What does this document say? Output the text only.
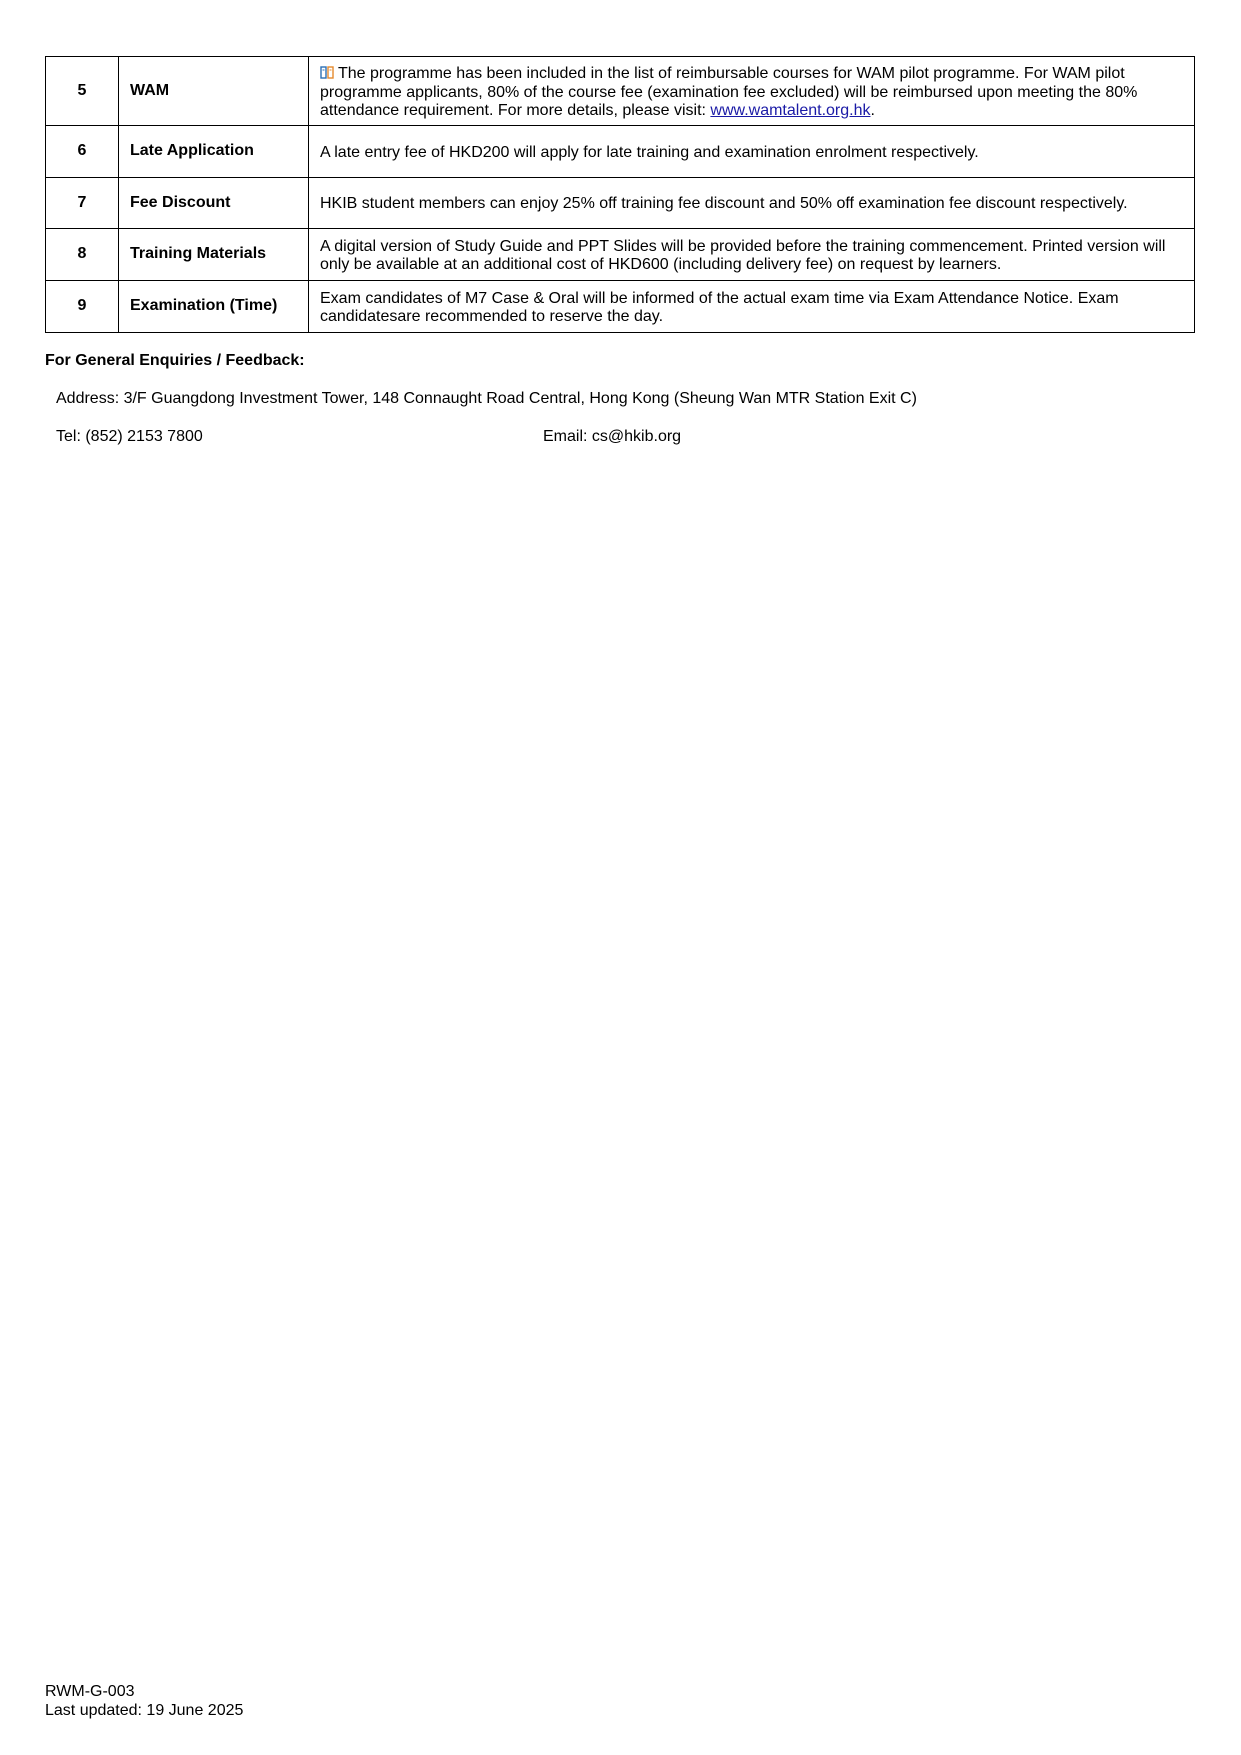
5	WAM	The programme has been included in the list of reimbursable courses for WAM pilot programme. For WAM pilot programme applicants, 80% of the course fee (examination fee excluded) will be reimbursed upon meeting the 80% attendance requirement. For more details, please visit: www.wamtalent.org.hk.
6	Late Application	A late entry fee of HKD200 will apply for late training and examination enrolment respectively.
7	Fee Discount	HKIB student members can enjoy 25% off training fee discount and 50% off examination fee discount respectively.
8	Training Materials	A digital version of Study Guide and PPT Slides will be provided before the training commencement. Printed version will only be available at an additional cost of HKD600 (including delivery fee) on request by learners.
9	Examination (Time)	Exam candidates of M7 Case & Oral will be informed of the actual exam time via Exam Attendance Notice. Exam candidatesare recommended to reserve the day.
For General Enquiries / Feedback:
Address: 3/F Guangdong Investment Tower, 148 Connaught Road Central, Hong Kong (Sheung Wan MTR Station Exit C)
Tel: (852) 2153 7800	Email: cs@hkib.org
RWM-G-003
Last updated: 19 June 2025
